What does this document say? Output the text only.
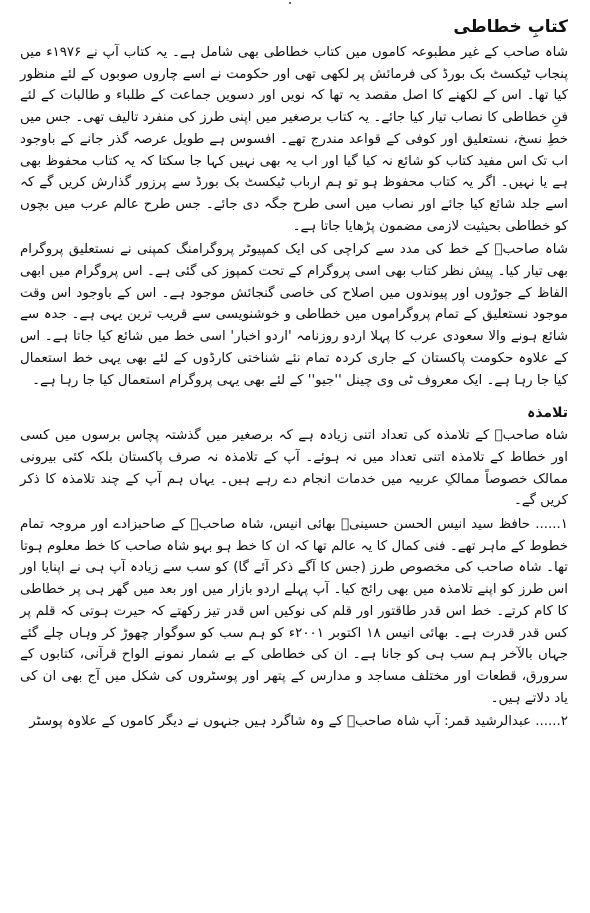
کتابِ خطاطی

شاہ صاحب کے غیر مطبوعہ کاموں میں کتاب خطاطی بھی شامل ہے۔ یہ کتاب آپ نے ۱۹۷۶ء میں پنجاب ٹیکسٹ بک بورڈ کی فرمائش پر لکھی تھی اور حکومت نے اسے چاروں صوبوں کے لئے منظور کیا تھا۔ اس کے لکھنے کا اصل مقصد یہ تھا کہ نویں اور دسویں جماعت کے طلباء و طالبات کے لئے فنِ خطاطی کا نصاب تیار کیا جائے۔ یہ کتاب برصغیر میں اپنی طرز کی منفرد تالیف تھی۔ جس میں خطِ نسخ، نستعلیق اور کوفی کے قواعد مندرج تھے۔ افسوس ہے طویل عرصہ گذر جانے کے باوجود اب تک اس مفید کتاب کو شائع نہ کیا گیا اور اب یہ بھی نہیں کہا جا سکتا کہ یہ کتاب محفوظ بھی ہے یا نہیں۔ اگر یہ کتاب محفوظ ہو تو ہم ارباب ٹیکسٹ بک بورڈ سے پرزور گذارش کریں گے کہ اسے جلد شائع کیا جائے اور نصاب میں اسی طرح جگہ دی جائے۔ جس طرح عالم عرب میں بچوں کو خطاطی بحیثیت لازمی مضمون پڑھایا جاتا ہے۔

شاہ صاحبؒ کے خط کی مدد سے کراچی کی ایک کمپیوٹر پروگرامنگ کمپنی نے نستعلیق پروگرام بھی تیار کیا۔ پیش نظر کتاب بھی اسی پروگرام کے تحت کمپوز کی گئی ہے۔ اس پروگرام میں ابھی الفاظ کے جوڑوں اور پیوندوں میں اصلاح کی خاصی گنجائش موجود ہے۔ اس کے باوجود اس وقت موجود نستعلیق کے تمام پروگراموں میں خطاطی و خوشنویسی سے قریب ترین یہی ہے۔ جدہ سے شائع ہونے والا سعودی عرب کا پہلا اردو روزنامہ 'اردو اخبار' اسی خط میں شائع کیا جاتا ہے۔ اس کے علاوہ حکومت پاکستان کے جاری کردہ تمام نئے شناختی کارڈوں کے لئے بھی یہی خط استعمال کیا جا رہا ہے۔ ایک معروف ٹی وی چینل ''جیو'' کے لئے بھی یہی پروگرام استعمال کیا جا رہا ہے۔

تلامذہ

شاہ صاحبؒ کے تلامذہ کی تعداد اتنی زیادہ ہے کہ برصغیر میں گذشتہ پچاس برسوں میں کسی اور خطاط کے تلامذہ اتنی تعداد میں نہ ہوئے۔ آپ کے تلامذہ نہ صرف پاکستان بلکہ کئی بیرونی ممالک خصوصاً ممالکِ عربیہ میں خدمات انجام دے رہے ہیں۔ یہاں ہم آپ کے چند تلامذہ کا ذکر کریں گے۔

۱...... حافظ سید انیس الحسن حسینیؒ بھائی انیس، شاہ صاحبؒ کے صاحبزادے اور مروجہ تمام خطوط کے ماہر تھے۔ فنی کمال کا یہ عالم تھا کہ ان کا خط ہو بہو شاہ صاحب کا خط معلوم ہوتا تھا۔ شاہ صاحب کی مخصوص طرز (جس کا آگے ذکر آئے گا) کو سب سے زیادہ آپ ہی نے اپنایا اور اس طرز کو اپنے تلامذہ میں بھی رائج کیا۔ آپ پہلے اردو بازار میں اور بعد میں گھر ہی پر خطاطی کا کام کرتے۔ خط اس قدر طاقتور اور قلم کی نوکیں اس قدر تیز رکھتے کہ حیرت ہوتی کہ قلم پر کس قدر قدرت ہے۔ بھائی انیس ۱۸ اکتوبر ۲۰۰۱ء کو ہم سب کو سوگوار چھوڑ کر وہاں چلے گئے جہاں بالآخر ہم سب ہی کو جانا ہے۔ ان کی خطاطی کے بے شمار نمونے الواح قرآنی، کتابوں کے سرورق، قطعات اور مختلف مساجد و مدارس کے پتھر اور پوسٹروں کی شکل میں آج بھی ان کی یاد دلاتے ہیں۔

۲...... عبدالرشید قمر: آپ شاہ صاحبؒ کے وہ شاگرد ہیں جنہوں نے دیگر کاموں کے علاوہ پوسٹر
